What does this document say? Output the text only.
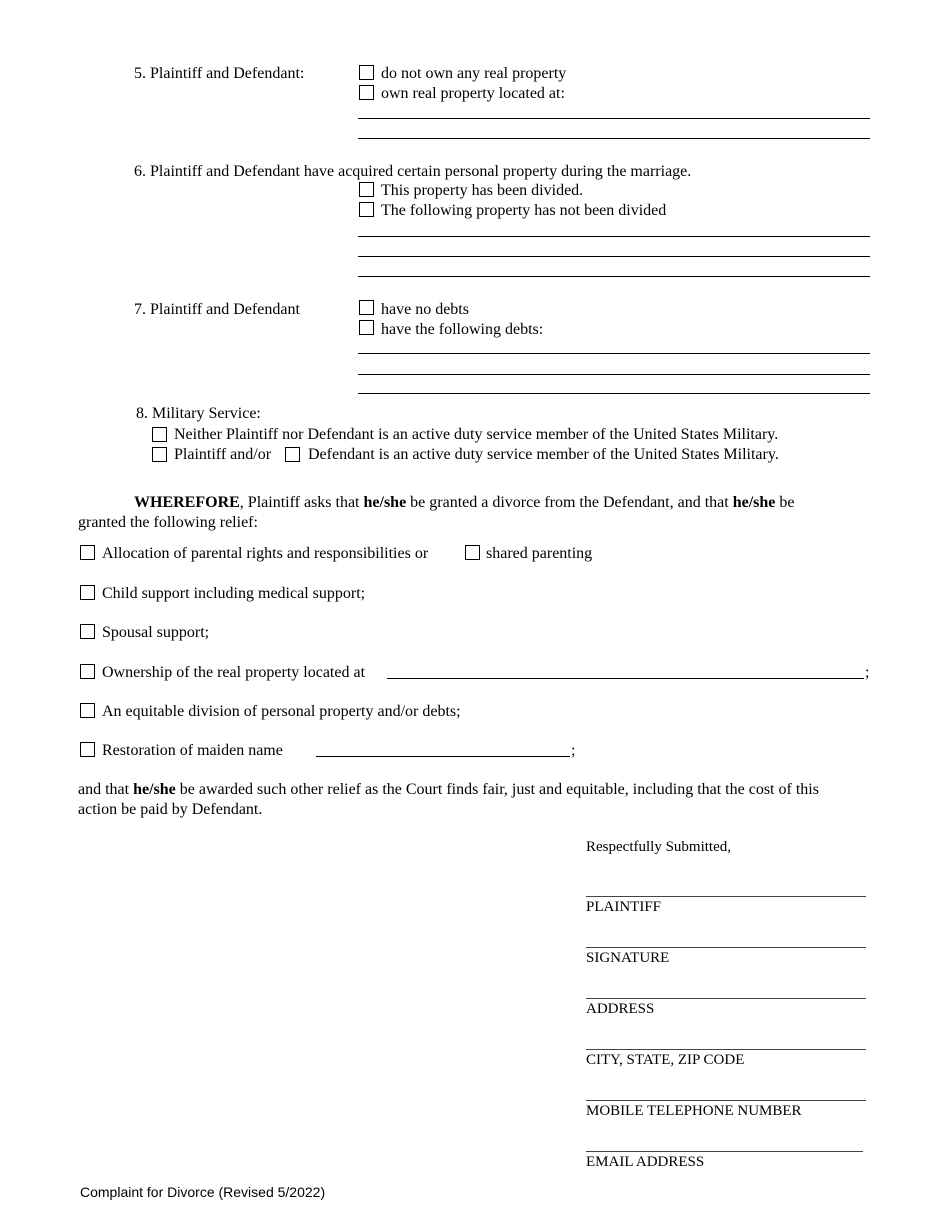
5. Plaintiff and Defendant:	do not own any real property
own real property located at:
6. Plaintiff and Defendant have acquired certain personal property during the marriage.
This property has been divided.
The following property has not been divided
7. Plaintiff and Defendant	have no debts
have the following debts:
8. Military Service:
Neither Plaintiff nor Defendant is an active duty service member of the United States Military.
Plaintiff and/or Defendant is an active duty service member of the United States Military.
WHEREFORE, Plaintiff asks that he/she be granted a divorce from the Defendant, and that he/she be
granted the following relief:
Allocation of parental rights and responsibilities or	shared parenting
Child support including medical support;
Spousal support;
Ownership of the real property located at	;
An equitable division of personal property and/or debts;
Restoration of maiden name	;
and that he/she be awarded such other relief as the Court finds fair, just and equitable, including that the cost of this
action be paid by Defendant.
Respectfully Submitted,
PLAINTIFF
SIGNATURE
ADDRESS
CITY, STATE, ZIP CODE
MOBILE TELEPHONE NUMBER
EMAIL ADDRESS
Complaint for Divorce (Revised 5/2022)
